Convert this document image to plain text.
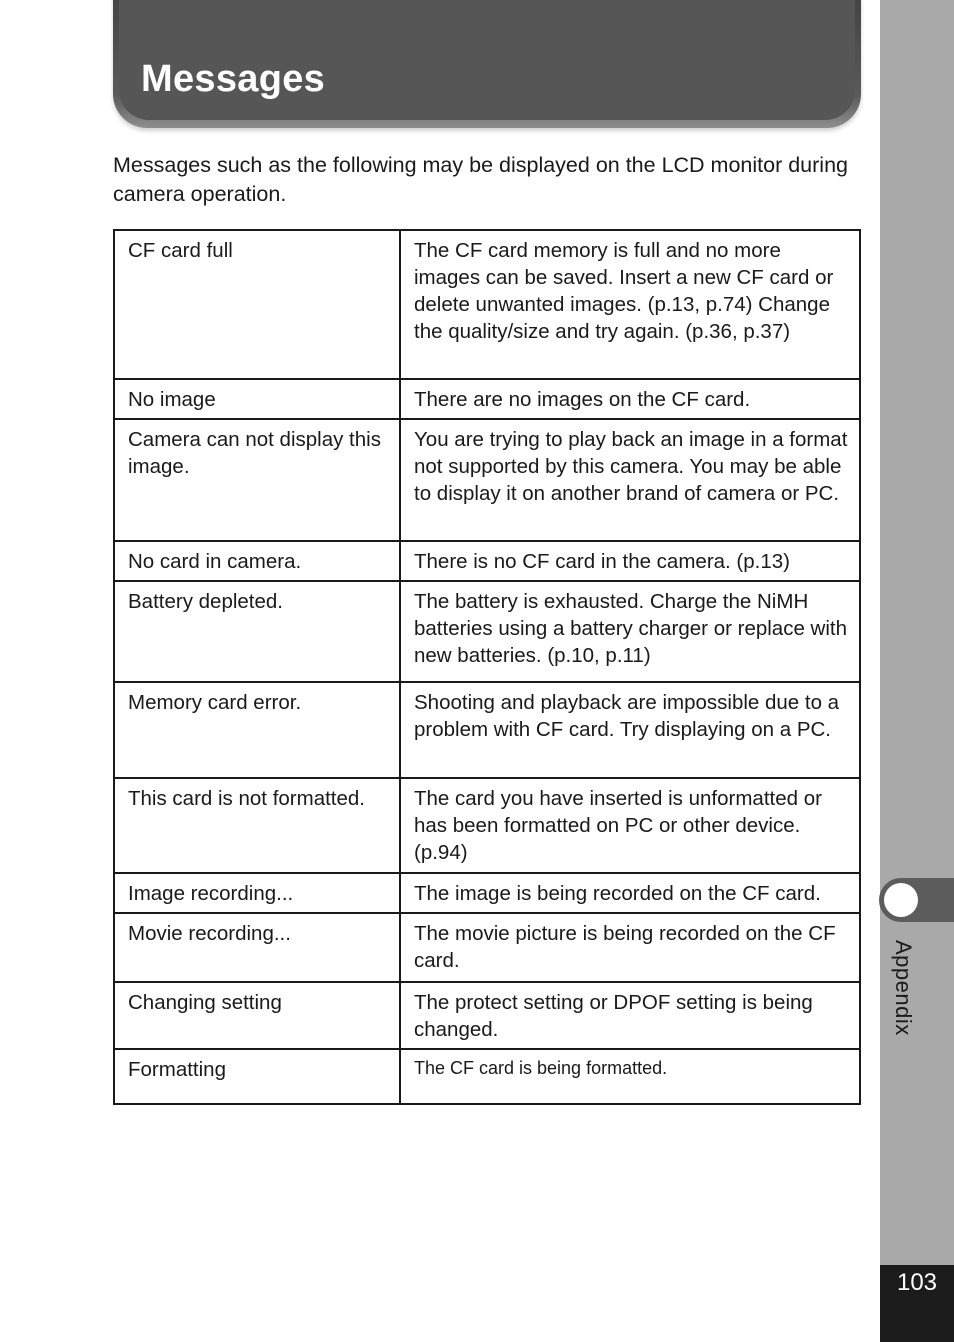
Messages

Messages such as the following may be displayed on the LCD monitor during camera operation.

CF card full	The CF card memory is full and no more images can be saved. Insert a new CF card or delete unwanted images. (p.13, p.74) Change the quality/size and try again. (p.36, p.37)
No image	There are no images on the CF card.
Camera can not display this image.	You are trying to play back an image in a format not supported by this camera. You may be able to display it on another brand of camera or PC.
No card in camera.	There is no CF card in the camera. (p.13)
Battery depleted.	The battery is exhausted. Charge the NiMH batteries using a battery charger or replace with new batteries. (p.10, p.11)
Memory card error.	Shooting and playback are impossible due to a problem with CF card. Try displaying on a PC.
This card is not formatted.	The card you have inserted is unformatted or has been formatted on PC or other device. (p.94)
Image recording...	The image is being recorded on the CF card.
Movie recording...	The movie picture is being recorded on the CF card.
Changing setting	The protect setting or DPOF setting is being changed.
Formatting	The CF card is being formatted.
Appendix
103
